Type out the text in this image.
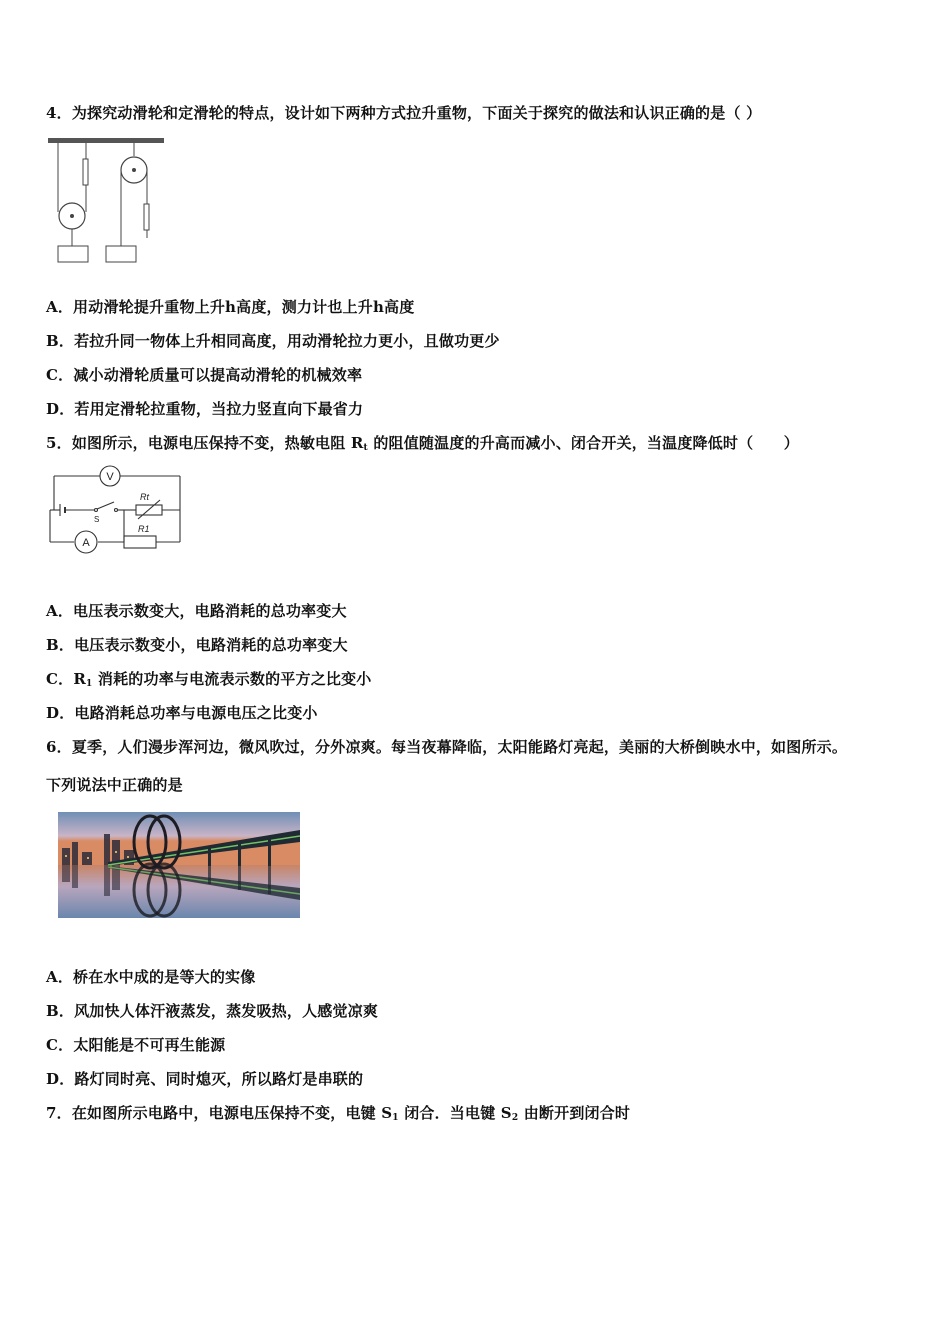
4．为探究动滑轮和定滑轮的特点，设计如下两种方式拉升重物，下面关于探究的做法和认识正确的是（ ）
A．用动滑轮提升重物上升h高度，测力计也上升h高度
B．若拉升同一物体上升相同高度，用动滑轮拉力更小，且做功更少
C．减小动滑轮质量可以提高动滑轮的机械效率
D．若用定滑轮拉重物，当拉力竖直向下最省力
5．如图所示，电源电压保持不变，热敏电阻 $R_t$ 的阻值随温度的升高而减小、闭合开关，当温度降低时（　　）
V
A
S
Rt
R1
A．电压表示数变大，电路消耗的总功率变大
B．电压表示数变小，电路消耗的总功率变大
C．$R_1$ 消耗的功率与电流表示数的平方之比变小
D．电路消耗总功率与电源电压之比变小
6．夏季，人们漫步浑河边，微风吹过，分外凉爽。每当夜幕降临，太阳能路灯亮起，美丽的大桥倒映水中，如图所示。
下列说法中正确的是
A．桥在水中成的是等大的实像
B．风加快人体汗液蒸发，蒸发吸热，人感觉凉爽
C．太阳能是不可再生能源
D．路灯同时亮、同时熄灭，所以路灯是串联的
7．在如图所示电路中，电源电压保持不变，电键 $S_1$ 闭合．当电键 $S_2$ 由断开到闭合时
